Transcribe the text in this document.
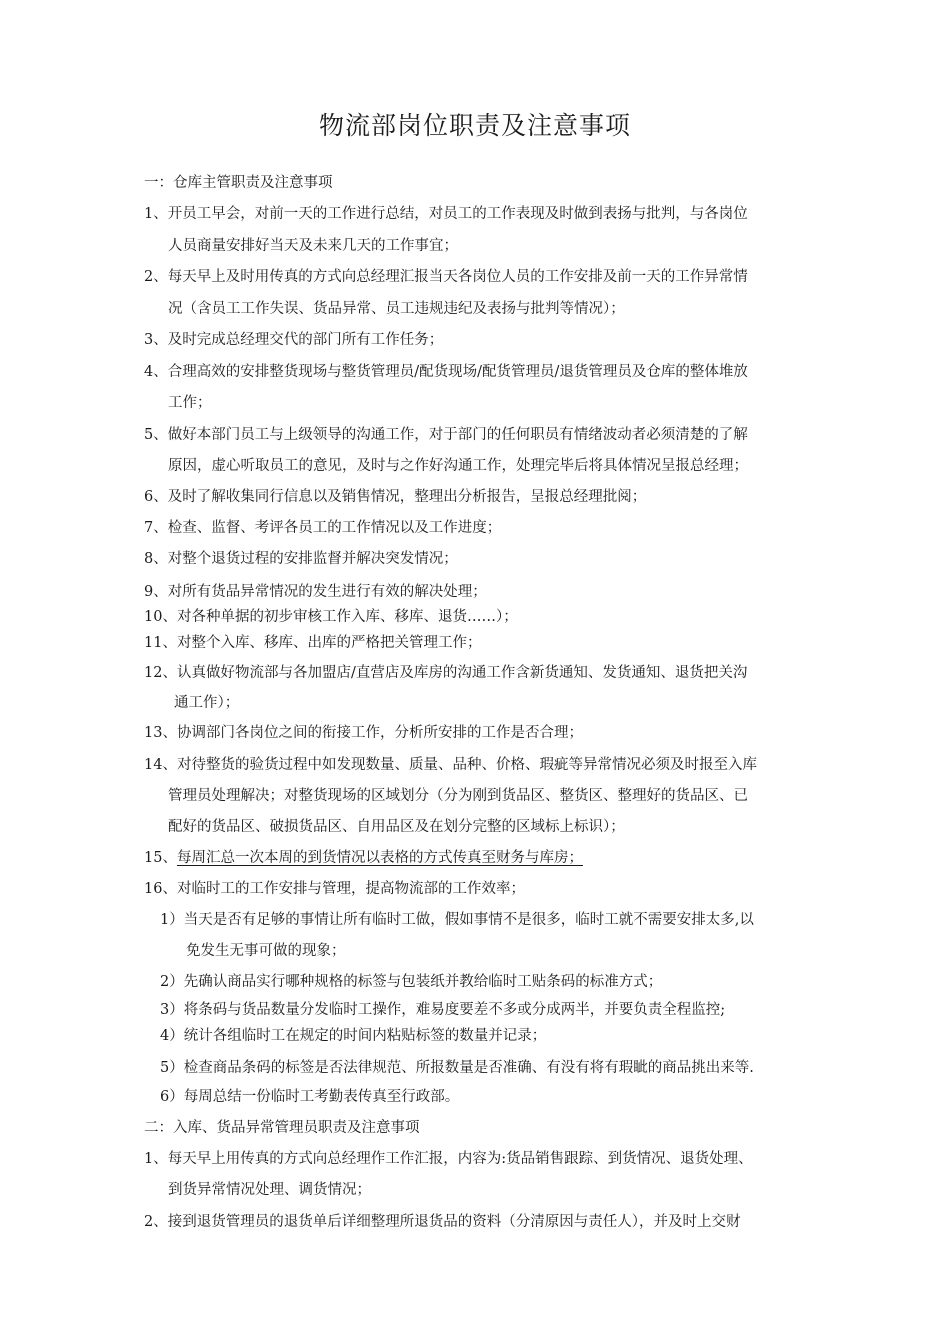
物流部岗位职责及注意事项
一：仓库主管职责及注意事项
1、开员工早会，对前一天的工作进行总结，对员工的工作表现及时做到表扬与批判，与各岗位
人员商量安排好当天及未来几天的工作事宜；
2、每天早上及时用传真的方式向总经理汇报当天各岗位人员的工作安排及前一天的工作异常情
况（含员工工作失误、货品异常、员工违规违纪及表扬与批判等情况）；
3、及时完成总经理交代的部门所有工作任务；
4、合理高效的安排整货现场与整货管理员/配货现场/配货管理员/退货管理员及仓库的整体堆放
工作；
5、做好本部门员工与上级领导的沟通工作，对于部门的任何职员有情绪波动者必须清楚的了解
原因，虚心听取员工的意见，及时与之作好沟通工作，处理完毕后将具体情况呈报总经理；
6、及时了解收集同行信息以及销售情况，整理出分析报告，呈报总经理批阅；
7、检查、监督、考评各员工的工作情况以及工作进度；
8、对整个退货过程的安排监督并解决突发情况；
9、对所有货品异常情况的发生进行有效的解决处理；
10、对各种单据的初步审核工作入库、移库、退货……）；
11、对整个入库、移库、出库的严格把关管理工作；
12、认真做好物流部与各加盟店/直营店及库房的沟通工作含新货通知、发货通知、退货把关沟
通工作）；
13、协调部门各岗位之间的衔接工作，分析所安排的工作是否合理；
14、对待整货的验货过程中如发现数量、质量、品种、价格、瑕疵等异常情况必须及时报至入库
管理员处理解决；对整货现场的区域划分（分为刚到货品区、整货区、整理好的货品区、已
配好的货品区、破损货品区、自用品区及在划分完整的区域标上标识）；
15、每周汇总一次本周的到货情况以表格的方式传真至财务与库房；
16、对临时工的工作安排与管理，提高物流部的工作效率；
1）当天是否有足够的事情让所有临时工做，假如事情不是很多，临时工就不需要安排太多,以
免发生无事可做的现象；
2）先确认商品实行哪种规格的标签与包装纸并教给临时工贴条码的标准方式；
3）将条码与货品数量分发临时工操作，难易度要差不多或分成两半，并要负责全程监控;
4）统计各组临时工在规定的时间内粘贴标签的数量并记录；
5）检查商品条码的标签是否法律规范、所报数量是否准确、有没有将有瑕眦的商品挑出来等.
6）每周总结一份临时工考勤表传真至行政部。
二：入库、货品异常管理员职责及注意事项
1、每天早上用传真的方式向总经理作工作汇报，内容为:货品销售跟踪、到货情况、退货处理、
到货异常情况处理、调货情况；
2、接到退货管理员的退货单后详细整理所退货品的资料（分清原因与责任人），并及时上交财
